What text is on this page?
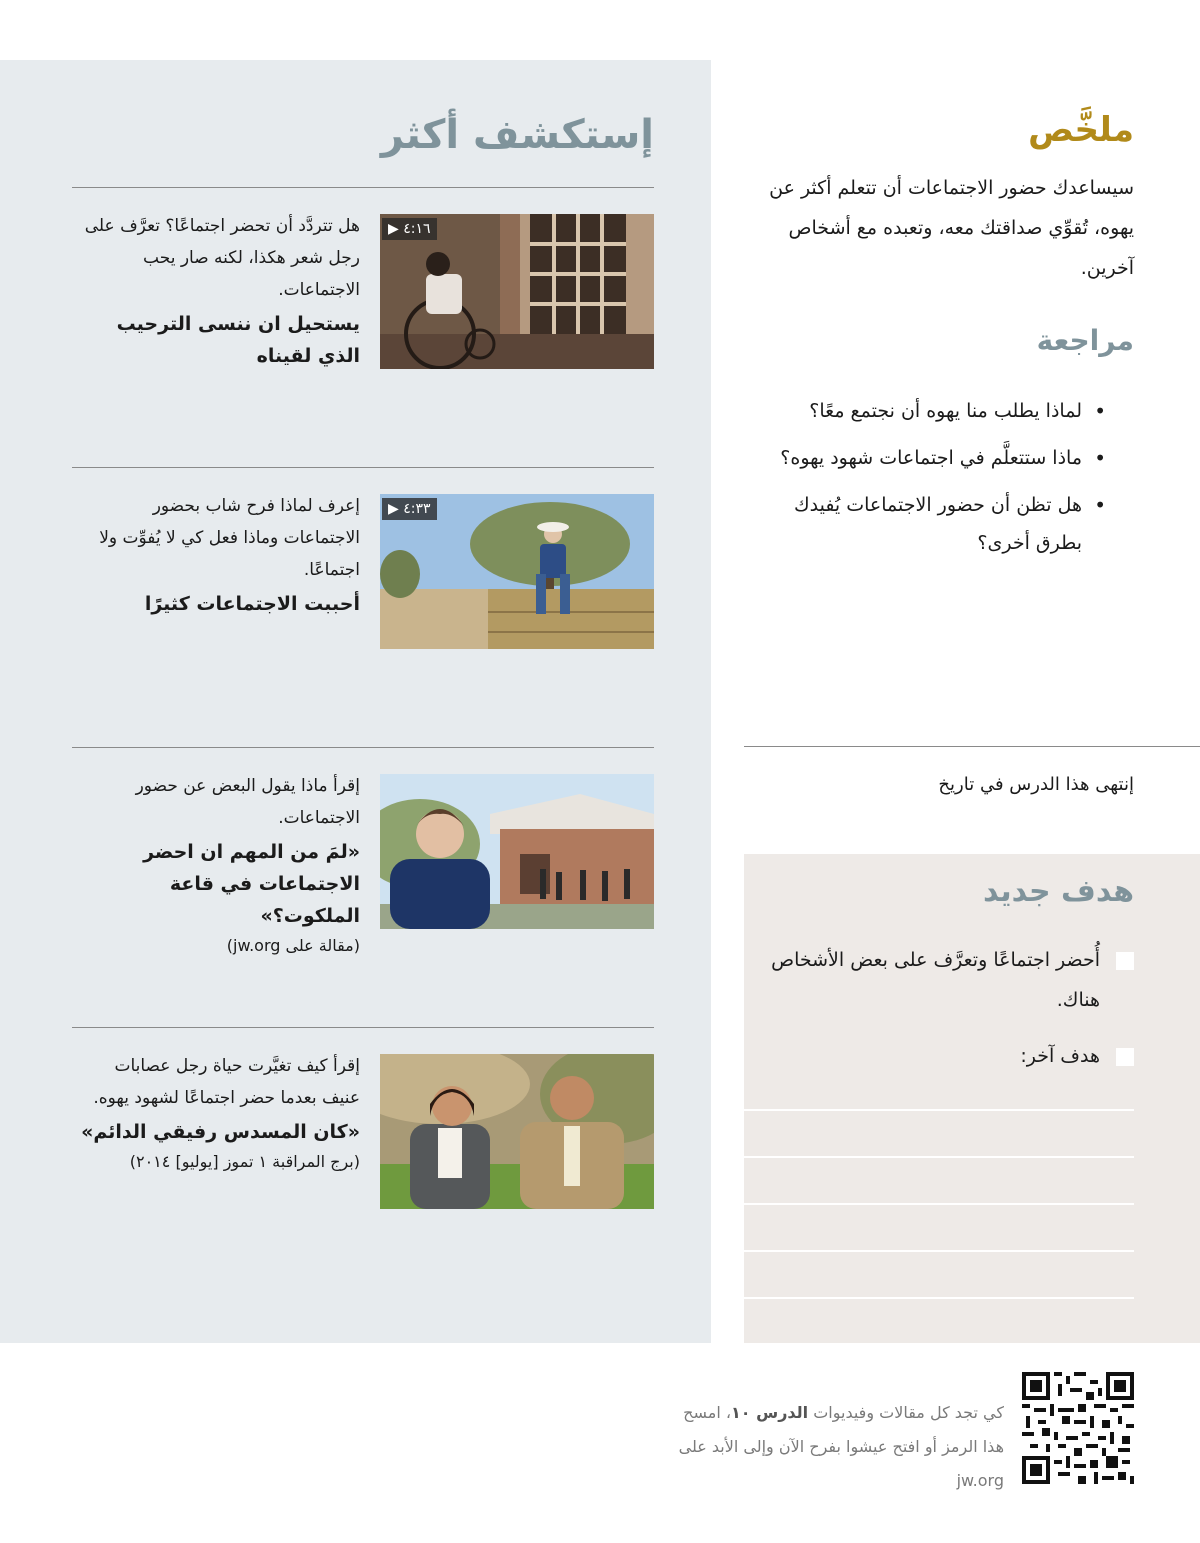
إستكشف أكثر

هل تتردَّد أن تحضر اجتماعًا؟ تعرَّف على رجل شعر هكذا، لكنه صار يحب الاجتماعات.

يستحيل ان ننسى الترحيب الذي لقيناه

▶ ٤:١٦

إعرف لماذا فرح شاب بحضور الاجتماعات وماذا فعل كي لا يُفوِّت ولا اجتماعًا.

أحببت الاجتماعات كثيرًا

▶ ٤:٣٣

إقرأ ماذا يقول البعض عن حضور الاجتماعات.

«لمَ من المهم ان احضر الاجتماعات في قاعة الملكوت؟»

(مقالة على jw.org)

إقرأ كيف تغيَّرت حياة رجل عصابات عنيف بعدما حضر اجتماعًا لشهود يهوه.

«كان المسدس رفيقي الدائم»

(برج المراقبة ١ تموز [يوليو] ٢٠١٤)

ملخَّص

سيساعدك حضور الاجتماعات أن تتعلم أكثر عن يهوه، تُقوِّي صداقتك معه، وتعبده مع أشخاص آخرين.

مراجعة
• لماذا يطلب منا يهوه أن نجتمع معًا؟
• ماذا ستتعلَّم في اجتماعات شهود يهوه؟
• هل تظن أن حضور الاجتماعات يُفيدك بطرق أخرى؟

إنتهى هذا الدرس في تاريخ

هدف جديد

أُحضر اجتماعًا وتعرَّف على بعض الأشخاص هناك.

هدف آخر:

كي تجد كل مقالات وفيديوات الدرس ١٠، امسح هذا الرمز أو افتح عيشوا بفرح الآن وإلى الأبد على jw.org
